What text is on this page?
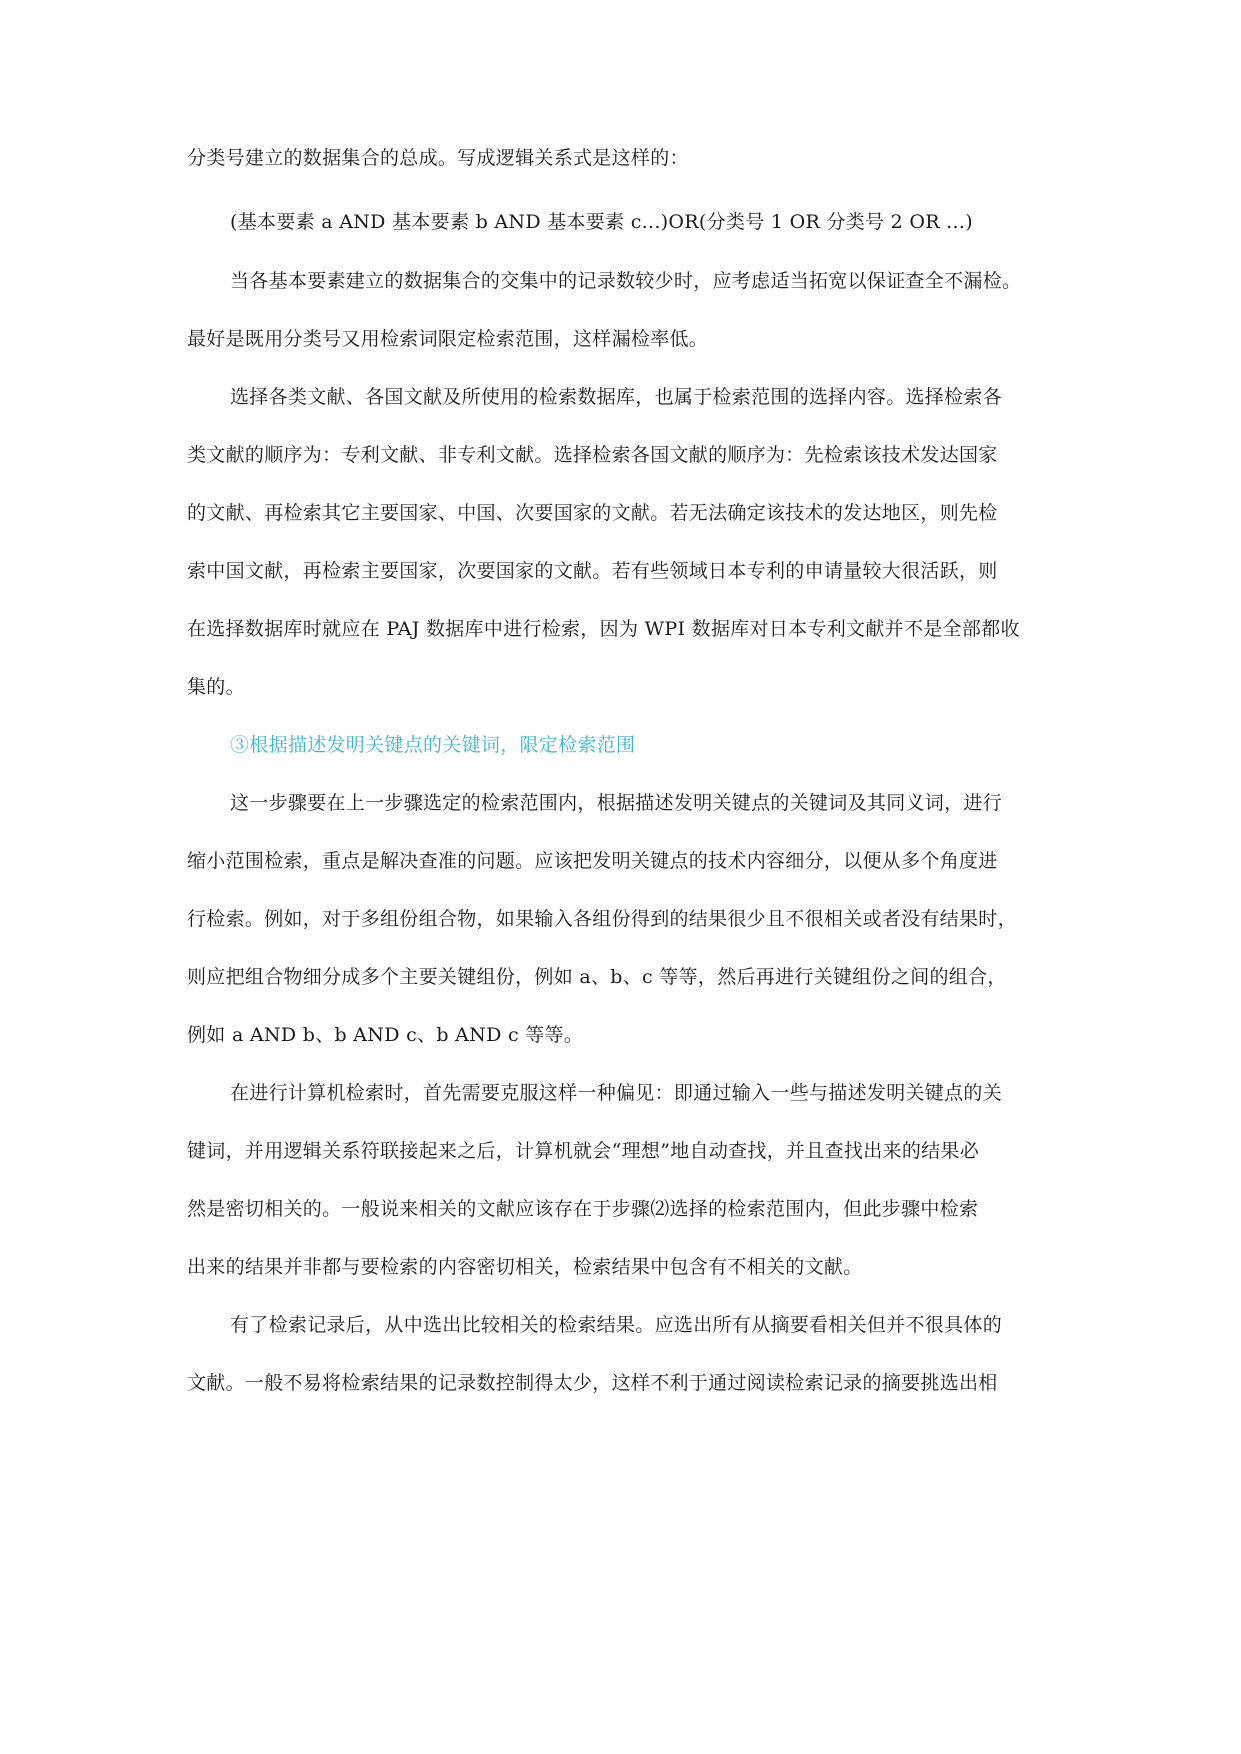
分类号建立的数据集合的总成。写成逻辑关系式是这样的：
(基本要素 a AND 基本要素 b AND 基本要素 c...)OR(分类号 1 OR 分类号 2 OR ...)
当各基本要素建立的数据集合的交集中的记录数较少时，应考虑适当拓宽以保证查全不漏检。
最好是既用分类号又用检索词限定检索范围，这样漏检率低。
选择各类文献、各国文献及所使用的检索数据库，也属于检索范围的选择内容。选择检索各
类文献的顺序为：专利文献、非专利文献。选择检索各国文献的顺序为：先检索该技术发达国家
的文献、再检索其它主要国家、中国、次要国家的文献。若无法确定该技术的发达地区，则先检
索中国文献，再检索主要国家，次要国家的文献。若有些领域日本专利的申请量较大很活跃，则
在选择数据库时就应在 PAJ 数据库中进行检索，因为 WPI 数据库对日本专利文献并不是全部都收
集的。
③根据描述发明关键点的关键词，限定检索范围
这一步骤要在上一步骤选定的检索范围内，根据描述发明关键点的关键词及其同义词，进行
缩小范围检索，重点是解决查准的问题。应该把发明关键点的技术内容细分，以便从多个角度进
行检索。例如，对于多组份组合物，如果输入各组份得到的结果很少且不很相关或者没有结果时，
则应把组合物细分成多个主要关键组份，例如 a、b、c 等等，然后再进行关键组份之间的组合，
例如 a AND b、b AND c、b AND c 等等。
在进行计算机检索时，首先需要克服这样一种偏见：即通过输入一些与描述发明关键点的关
键词，并用逻辑关系符联接起来之后，计算机就会“理想”地自动查找，并且查找出来的结果必
然是密切相关的。一般说来相关的文献应该存在于步骤⑵选择的检索范围内，但此步骤中检索
出来的结果并非都与要检索的内容密切相关，检索结果中包含有不相关的文献。
有了检索记录后，从中选出比较相关的检索结果。应选出所有从摘要看相关但并不很具体的
文献。一般不易将检索结果的记录数控制得太少，这样不利于通过阅读检索记录的摘要挑选出相
